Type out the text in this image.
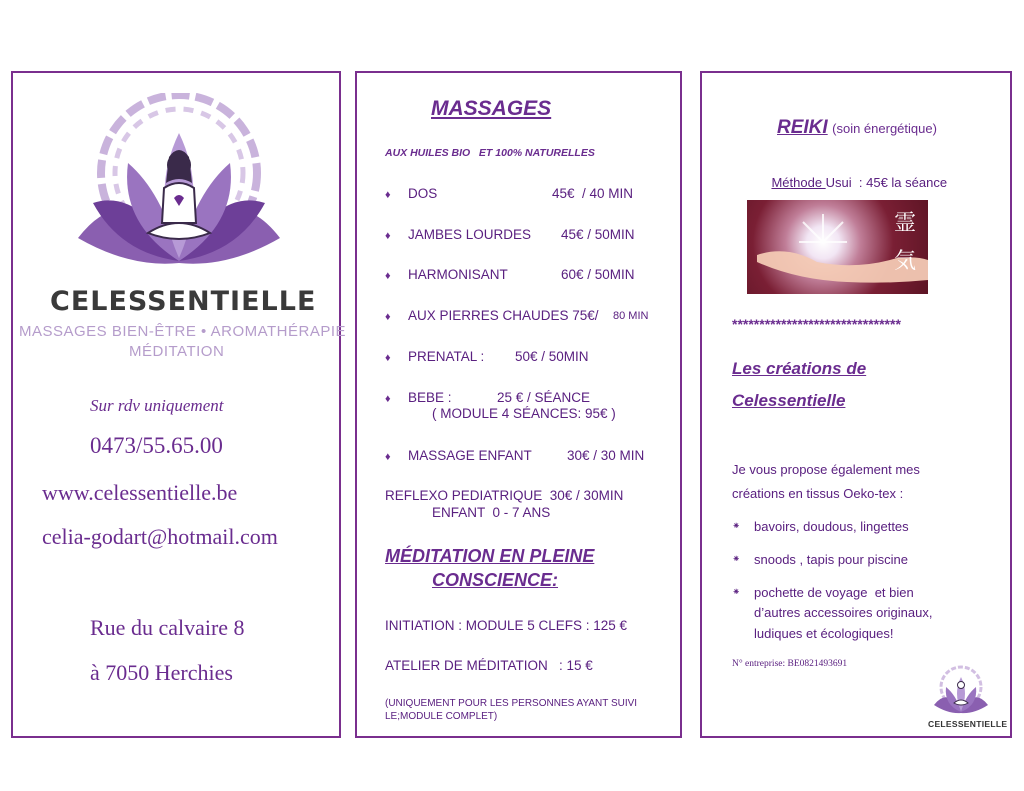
CELESSENTIELLE
MASSAGES BIEN-ÊTRE • AROMATHÉRAPIE
MÉDITATION
Sur rdv uniquement
0473/55.65.00
www.celessentielle.be
celia-godart@hotmail.com
Rue du calvaire 8
à 7050 Herchies
MASSAGES
AUX HUILES BIO   ET 100% NATURELLES
♦ DOS	45€  / 40 MIN
♦ JAMBES LOURDES 45€ / 50MIN
♦ HARMONISANT	60€ / 50MIN
♦ AUX PIERRES CHAUDES 75€/ 80 MIN
♦ PRENATAL : 50€ / 50MIN
♦ BEBE :	25 € / SÉANCE
( MODULE 4 SÉANCES: 95€ )
♦ MASSAGE ENFANT	30€ / 30 MIN
REFLEXO PEDIATRIQUE  30€ / 30MIN
ENFANT  0 - 7 ANS
MÉDITATION EN PLEINE
CONSCIENCE:
INITIATION : MODULE 5 CLEFS : 125 €
ATELIER DE MÉDITATION   : 15 €
(UNIQUEMENT POUR LES PERSONNES AYANT SUIVI
LE;MODULE COMPLET)
REIKI (soin énergétique)

Méthode Usui  : 45€ la séance

霊
気
*******************************
Les créations de
Celessentielle
Je vous propose également mes
créations en tissus Oeko-tex :
⁕ bavoirs, doudous, lingettes
⁕ snoods , tapis pour piscine
⁕ pochette de voyage  et bien
d’autres accessoires originaux,
ludiques et écologiques!
N° entreprise: BE0821493691
CELESSENTIELLE
